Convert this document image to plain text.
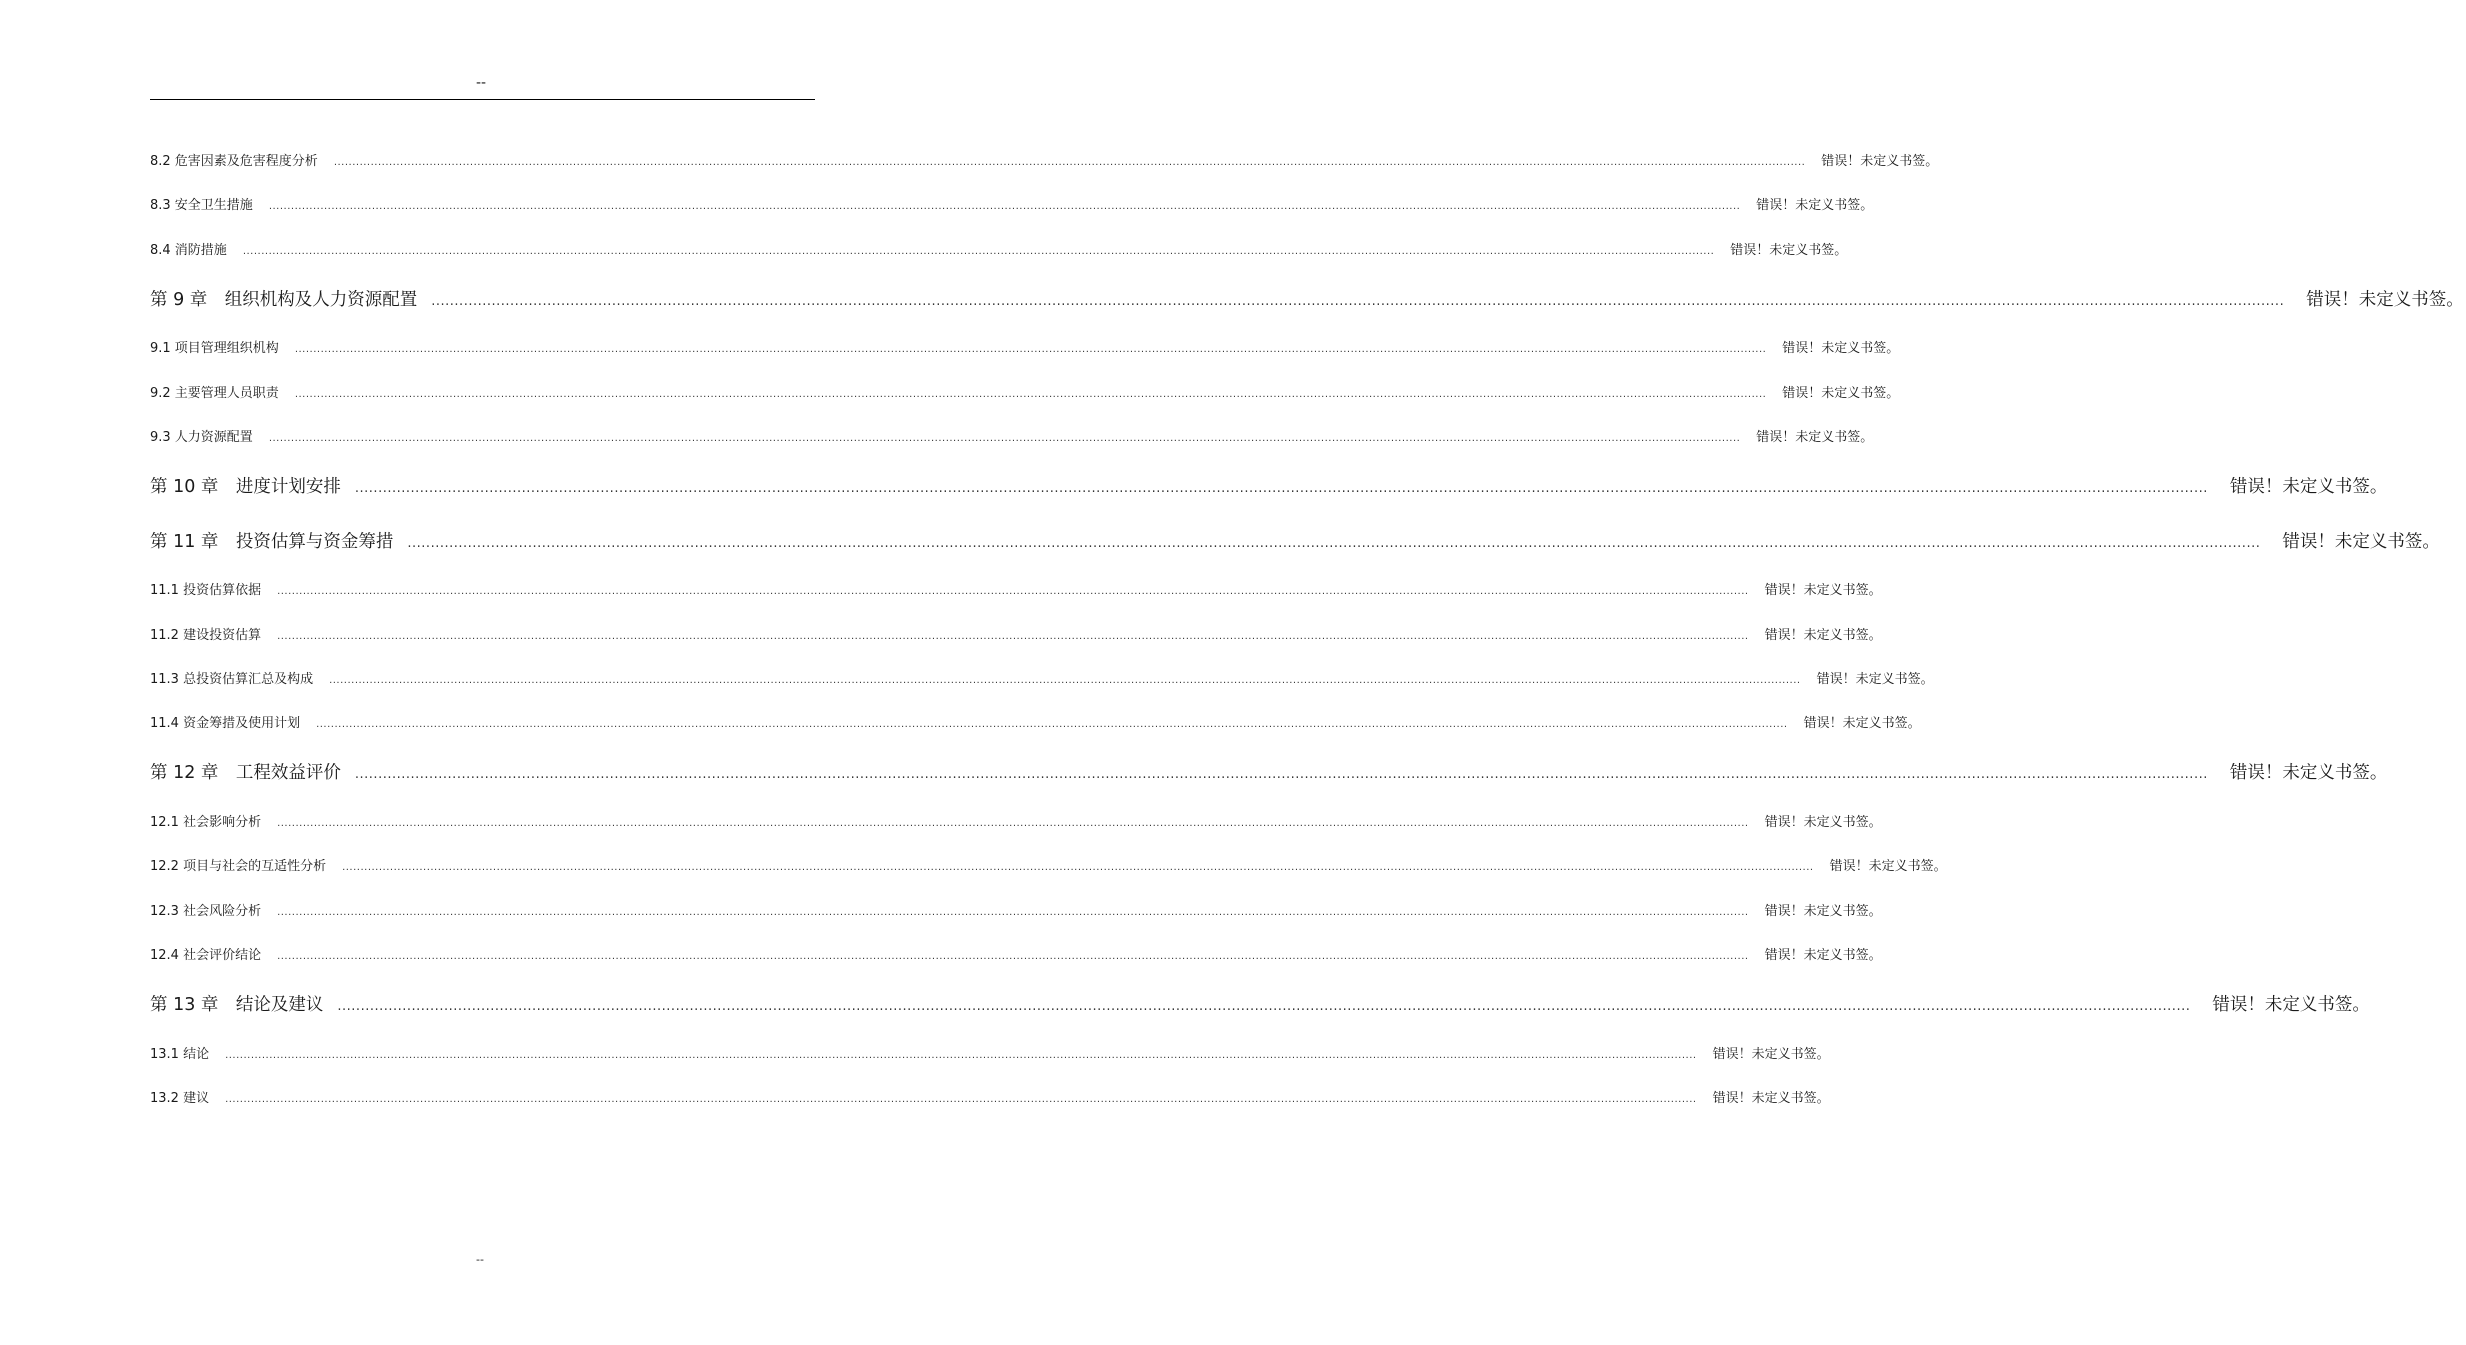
--
8.2 危害因素及危害程度分析 ................................................................................................................................................................................................................................................................................................................................................................................................................ 错误！未定义书签。
8.3 安全卫生措施 ................................................................................................................................................................................................................................................................................................................................................................................................................ 错误！未定义书签。
8.4 消防措施 ................................................................................................................................................................................................................................................................................................................................................................................................................ 错误！未定义书签。
第 9 章　组织机构及人力资源配置 ................................................................................................................................................................................................................................................................................................................................................................................................................ 错误！未定义书签。
9.1 项目管理组织机构 ................................................................................................................................................................................................................................................................................................................................................................................................................ 错误！未定义书签。
9.2 主要管理人员职责 ................................................................................................................................................................................................................................................................................................................................................................................................................ 错误！未定义书签。
9.3 人力资源配置 ................................................................................................................................................................................................................................................................................................................................................................................................................ 错误！未定义书签。
第 10 章　进度计划安排 ................................................................................................................................................................................................................................................................................................................................................................................................................ 错误！未定义书签。
第 11 章　投资估算与资金筹措 ................................................................................................................................................................................................................................................................................................................................................................................................................ 错误！未定义书签。
11.1 投资估算依据 ................................................................................................................................................................................................................................................................................................................................................................................................................ 错误！未定义书签。
11.2 建设投资估算 ................................................................................................................................................................................................................................................................................................................................................................................................................ 错误！未定义书签。
11.3 总投资估算汇总及构成 ................................................................................................................................................................................................................................................................................................................................................................................................................ 错误！未定义书签。
11.4 资金筹措及使用计划 ................................................................................................................................................................................................................................................................................................................................................................................................................ 错误！未定义书签。
第 12 章　工程效益评价 ................................................................................................................................................................................................................................................................................................................................................................................................................ 错误！未定义书签。
12.1 社会影响分析 ................................................................................................................................................................................................................................................................................................................................................................................................................ 错误！未定义书签。
12.2 项目与社会的互适性分析 ................................................................................................................................................................................................................................................................................................................................................................................................................ 错误！未定义书签。
12.3 社会风险分析 ................................................................................................................................................................................................................................................................................................................................................................................................................ 错误！未定义书签。
12.4 社会评价结论 ................................................................................................................................................................................................................................................................................................................................................................................................................ 错误！未定义书签。
第 13 章　结论及建议 ................................................................................................................................................................................................................................................................................................................................................................................................................ 错误！未定义书签。
13.1 结论 ................................................................................................................................................................................................................................................................................................................................................................................................................ 错误！未定义书签。
13.2 建议 ................................................................................................................................................................................................................................................................................................................................................................................................................ 错误！未定义书签。
--
